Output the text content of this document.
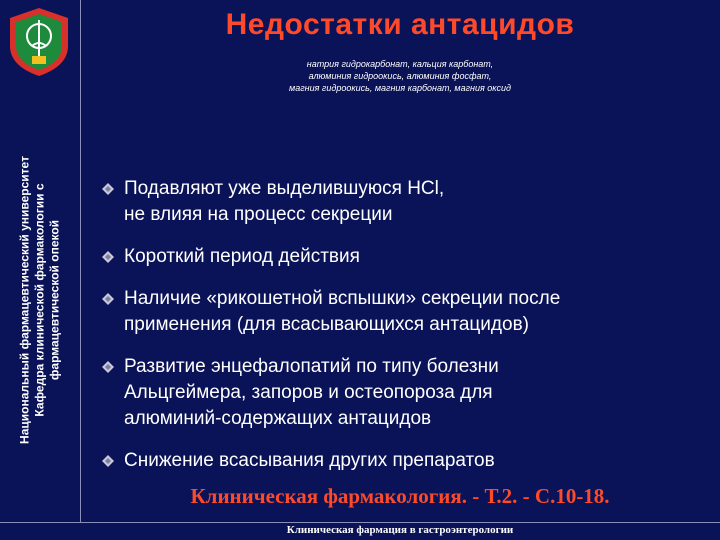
Национальный фармацевтический университет Кафедра клинической фармакологии с фармацевтической опекой
Недостатки антацидов
натрия гидрокарбонат, кальция карбонат,
алюминия гидроокись, алюминия фосфат,
магния гидроокись, магния карбонат, магния оксид
Подавляют уже выделившуюся HCl,
не влияя на процесс секреции
Короткий период действия
Наличие «рикошетной вспышки» секреции после
применения (для всасывающихся антацидов)
Развитие энцефалопатий по типу болезни
Альцгеймера, запоров и остеопороза для
алюминий-содержащих антацидов
Снижение всасывания других препаратов
Клиническая фармакология. - Т.2. - С.10-18.
Клиническая фармация в гастроэнтерологии
